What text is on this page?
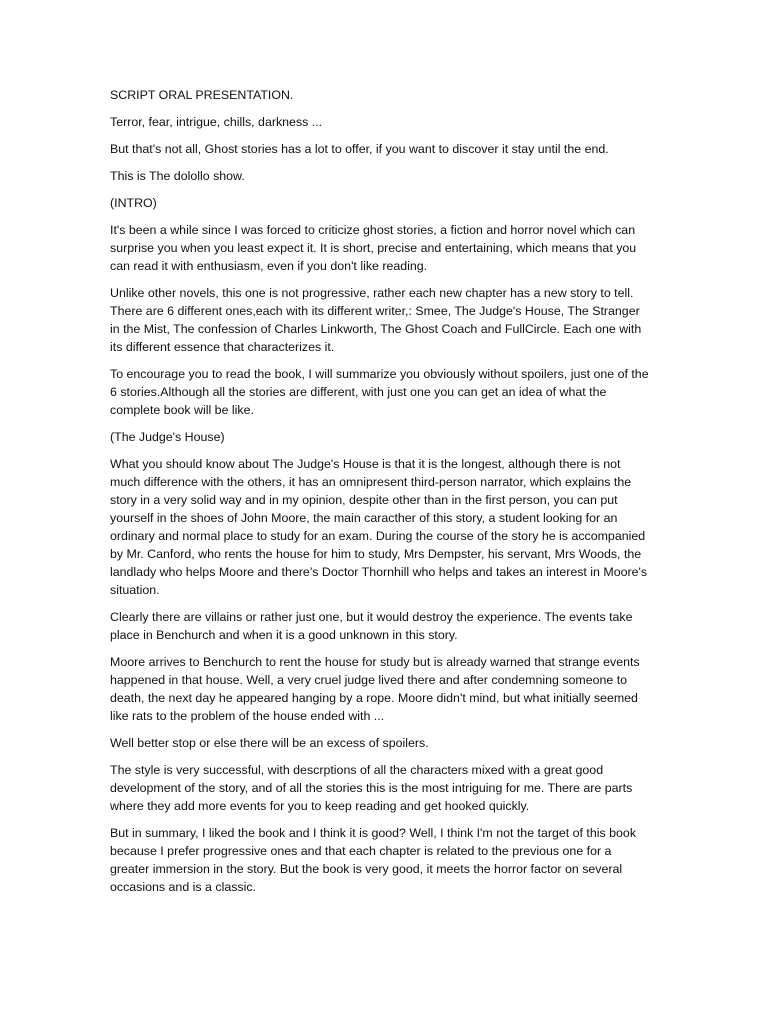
SCRIPT ORAL PRESENTATION.

Terror, fear, intrigue, chills, darkness ...

But that's not all, Ghost stories has a lot to offer, if you want to discover it stay until the end.

This is The dolollo show.

(INTRO)

It's been a while since I was forced to criticize ghost stories, a fiction and horror novel which can surprise you when you least expect it. It is short, precise and entertaining, which means that you can read it with enthusiasm, even if you don't like reading.

Unlike other novels, this one is not progressive, rather each new chapter has a new story to tell. There are 6 different ones,each with its different writer,: Smee, The Judge's House, The Stranger in the Mist, The confession of Charles Linkworth, The Ghost Coach and FullCircle. Each one with its different essence that characterizes it.

To encourage you to read the book, I will summarize you obviously without spoilers, just one of the 6 stories.Although all the stories are different, with just one you can get an idea of what the complete book will be like.

(The Judge's House)

What you should know about The Judge's House is that it is the longest, although there is not much difference with the others, it has an omnipresent third-person narrator, which explains the story in a very solid way and in my opinion, despite other than in the first person, you can put yourself in the shoes of John Moore, the main caracther of this story, a student looking for an ordinary and normal place to study for an exam. During the course of the story he is accompanied by Mr. Canford, who rents the house for him to study, Mrs Dempster, his servant, Mrs Woods, the landlady who helps Moore and there’s Doctor Thornhill who helps and takes an interest in Moore's situation.

Clearly there are villains or rather just one, but it would destroy the experience. The events take place in Benchurch and when it is a good unknown in this story.

Moore arrives to Benchurch to rent the house for study but is already warned that strange events happened in that house. Well, a very cruel judge lived there and after condemning someone to death, the next day he appeared hanging by a rope. Moore didn't mind, but what initially seemed like rats to the problem of the house ended with ...

Well better stop or else there will be an excess of spoilers.

The style is very successful, with descrptions of all the characters mixed with a great good development of the story, and of all the stories this is the most intriguing for me. There are parts where they add more events for you to keep reading and get hooked quickly.

But in summary, I liked the book and I think it is good? Well, I think I'm not the target of this book because I prefer progressive ones and that each chapter is related to the previous one for a greater immersion in the story. But the book is very good, it meets the horror factor on several occasions and is a classic.
